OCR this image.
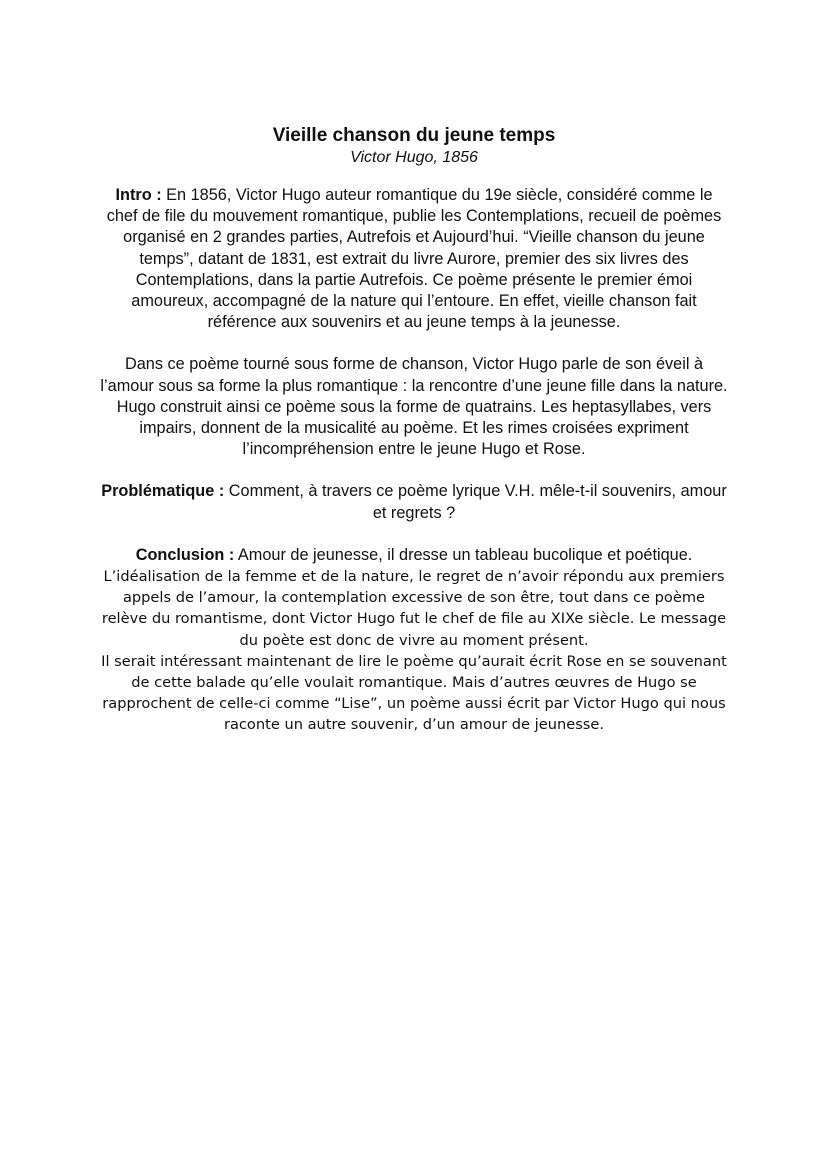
Vieille chanson du jeune temps
Victor Hugo, 1856

Intro : En 1856, Victor Hugo auteur romantique du 19e siècle, considéré comme le chef de file du mouvement romantique, publie les Contemplations, recueil de poèmes organisé en 2 grandes parties, Autrefois et Aujourd’hui. “Vieille chanson du jeune temps”, datant de 1831, est extrait du livre Aurore, premier des six livres des Contemplations, dans la partie Autrefois. Ce poème présente le premier émoi amoureux, accompagné de la nature qui l’entoure. En effet, vieille chanson fait référence aux souvenirs et au jeune temps à la jeunesse.

Dans ce poème tourné sous forme de chanson, Victor Hugo parle de son éveil à l’amour sous sa forme la plus romantique : la rencontre d’une jeune fille dans la nature. Hugo construit ainsi ce poème sous la forme de quatrains. Les heptasyllabes, vers impairs, donnent de la musicalité au poème. Et les rimes croisées expriment l’incompréhension entre le jeune Hugo et Rose.

Problématique : Comment, à travers ce poème lyrique V.H. mêle-t-il souvenirs, amour et regrets ?

Conclusion : Amour de jeunesse, il dresse un tableau bucolique et poétique.
L’idéalisation de la femme et de la nature, le regret de n’avoir répondu aux premiers appels de l’amour, la contemplation excessive de son être, tout dans ce poème relève du romantisme, dont Victor Hugo fut le chef de file au XIXe siècle. Le message du poète est donc de vivre au moment présent.
Il serait intéressant maintenant de lire le poème qu’aurait écrit Rose en se souvenant de cette balade qu’elle voulait romantique. Mais d’autres œuvres de Hugo se rapprochent de celle-ci comme “Lise”, un poème aussi écrit par Victor Hugo qui nous raconte un autre souvenir, d’un amour de jeunesse.
